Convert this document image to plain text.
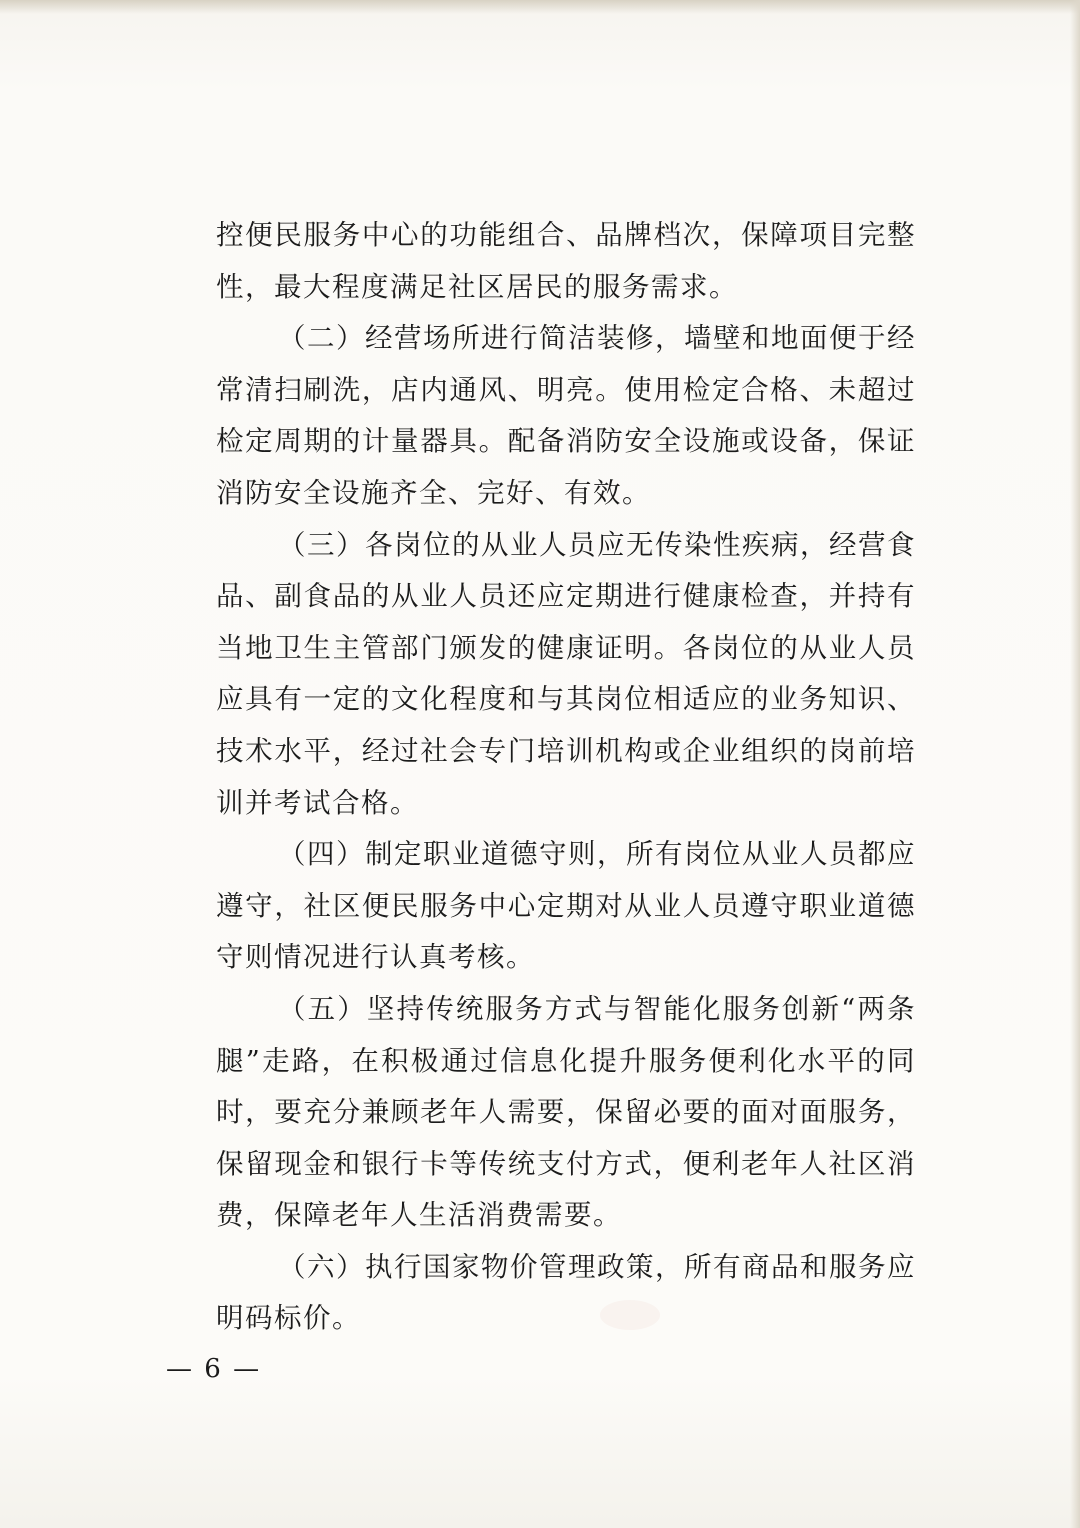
控便民服务中心的功能组合、品牌档次，保障项目完整性，最大程度满足社区居民的服务需求。

（二）经营场所进行简洁装修，墙壁和地面便于经常清扫刷洗，店内通风、明亮。使用检定合格、未超过检定周期的计量器具。配备消防安全设施或设备，保证消防安全设施齐全、完好、有效。

（三）各岗位的从业人员应无传染性疾病，经营食品、副食品的从业人员还应定期进行健康检查，并持有当地卫生主管部门颁发的健康证明。各岗位的从业人员应具有一定的文化程度和与其岗位相适应的业务知识、技术水平，经过社会专门培训机构或企业组织的岗前培训并考试合格。

（四）制定职业道德守则，所有岗位从业人员都应遵守，社区便民服务中心定期对从业人员遵守职业道德守则情况进行认真考核。

（五）坚持传统服务方式与智能化服务创新“两条腿”走路，在积极通过信息化提升服务便利化水平的同时，要充分兼顾老年人需要，保留必要的面对面服务，保留现金和银行卡等传统支付方式，便利老年人社区消费，保障老年人生活消费需要。

（六）执行国家物价管理政策，所有商品和服务应明码标价。

— 6 —
